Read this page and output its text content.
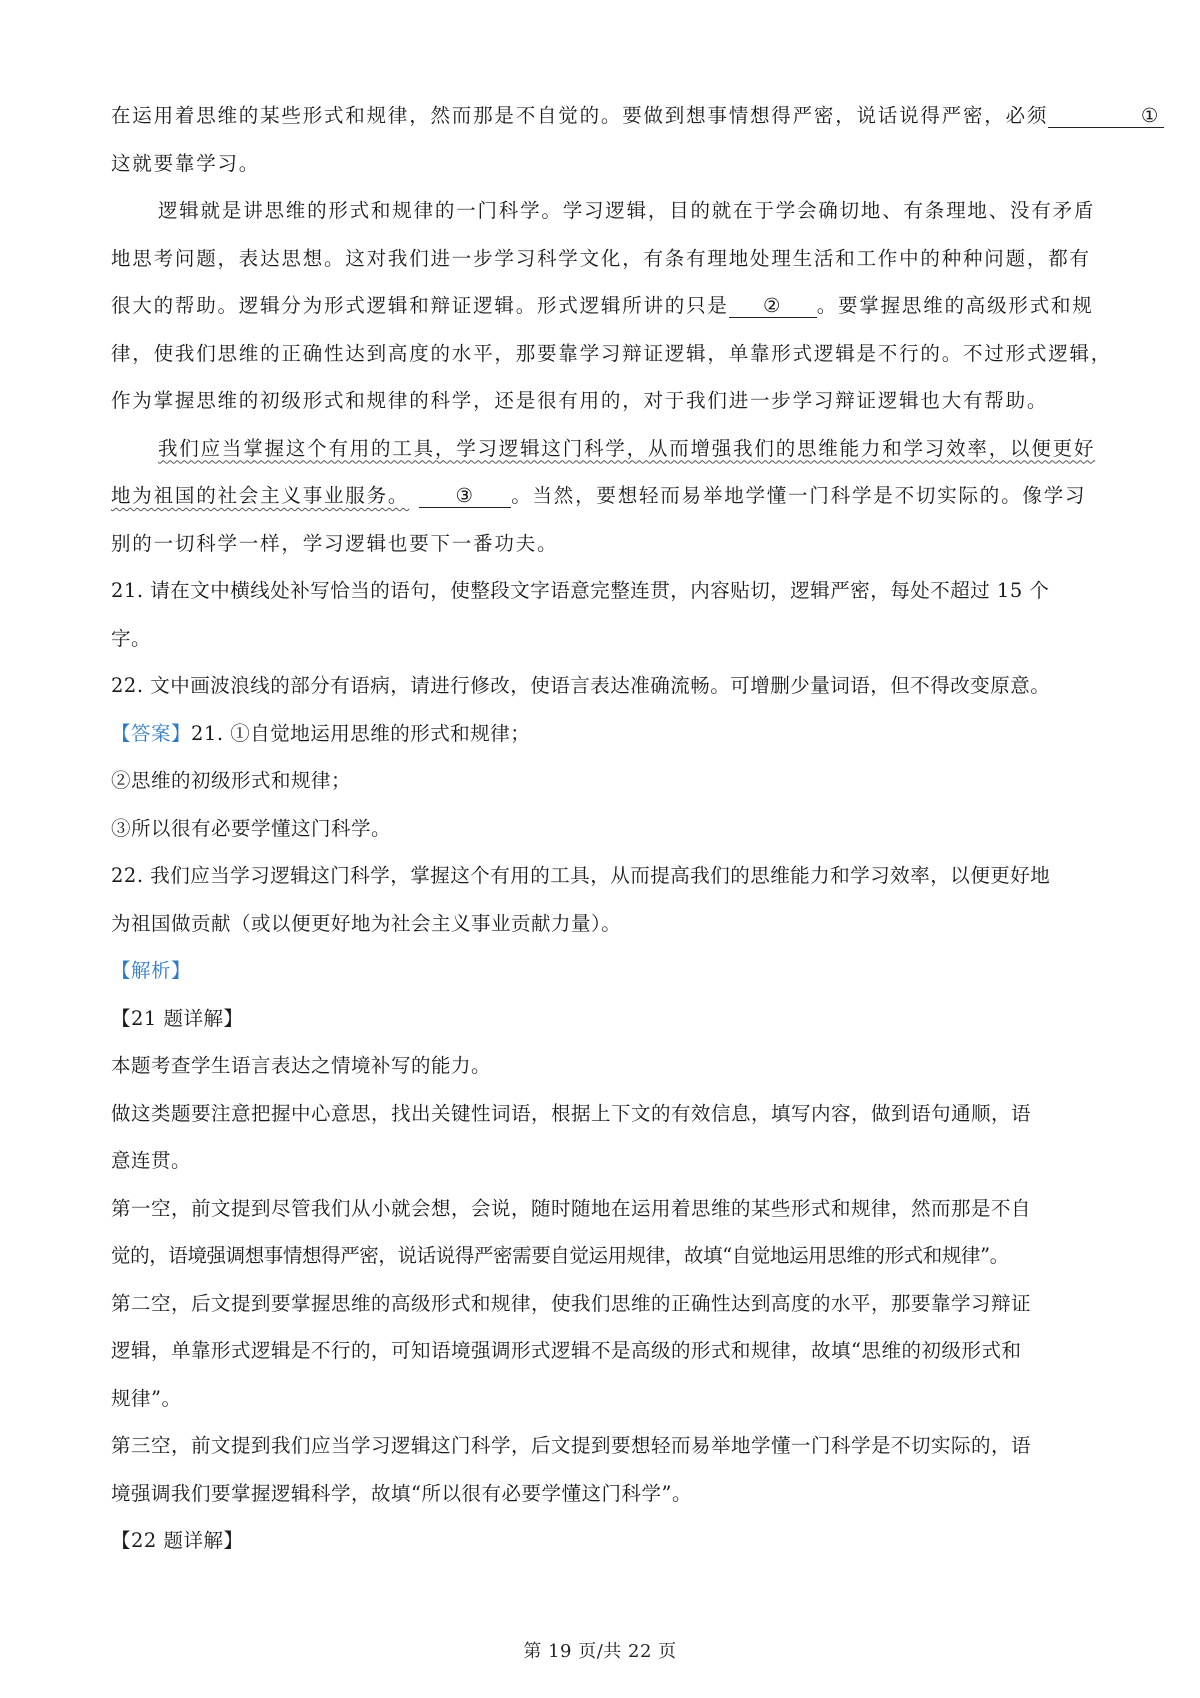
在运用着思维的某些形式和规律，然而那是不自觉的。要做到想事情想得严密，说话说得严密，必须	①
这就要靠学习。
逻辑就是讲思维的形式和规律的一门科学。学习逻辑，目的就在于学会确切地、有条理地、没有矛盾
地思考问题，表达思想。这对我们进一步学习科学文化，有条有理地处理生活和工作中的种种问题，都有
很大的帮助。逻辑分为形式逻辑和辩证逻辑。形式逻辑所讲的只是 ② 。要掌握思维的高级形式和规
律，使我们思维的正确性达到高度的水平，那要靠学习辩证逻辑，单靠形式逻辑是不行的。不过形式逻辑，
作为掌握思维的初级形式和规律的科学，还是很有用的，对于我们进一步学习辩证逻辑也大有帮助。
我们应当掌握这个有用的工具，学习逻辑这门科学，从而增强我们的思维能力和学习效率，以便更好
地为祖国的社会主义事业服务。 ③ 。当然，要想轻而易举地学懂一门科学是不切实际的。像学习
别的一切科学一样，学习逻辑也要下一番功夫。
21. 请在文中横线处补写恰当的语句，使整段文字语意完整连贯，内容贴切，逻辑严密，每处不超过 15 个
字。
22. 文中画波浪线的部分有语病，请进行修改，使语言表达准确流畅。可增删少量词语，但不得改变原意。
【答案】21. ①自觉地运用思维的形式和规律；
②思维的初级形式和规律；
③所以很有必要学懂这门科学。
22. 我们应当学习逻辑这门科学，掌握这个有用的工具，从而提高我们的思维能力和学习效率，以便更好地
为祖国做贡献（或以便更好地为社会主义事业贡献力量）。
【解析】
【21 题详解】
本题考查学生语言表达之情境补写的能力。
做这类题要注意把握中心意思，找出关键性词语，根据上下文的有效信息，填写内容，做到语句通顺，语
意连贯。
第一空，前文提到尽管我们从小就会想，会说，随时随地在运用着思维的某些形式和规律，然而那是不自
觉的，语境强调想事情想得严密，说话说得严密需要自觉运用规律，故填“自觉地运用思维的形式和规律”。
第二空，后文提到要掌握思维的高级形式和规律，使我们思维的正确性达到高度的水平，那要靠学习辩证
逻辑，单靠形式逻辑是不行的，可知语境强调形式逻辑不是高级的形式和规律，故填“思维的初级形式和
规律”。
第三空，前文提到我们应当学习逻辑这门科学，后文提到要想轻而易举地学懂一门科学是不切实际的，语
境强调我们要掌握逻辑科学，故填“所以很有必要学懂这门科学”。
【22 题详解】
第 19 页/共 22 页
